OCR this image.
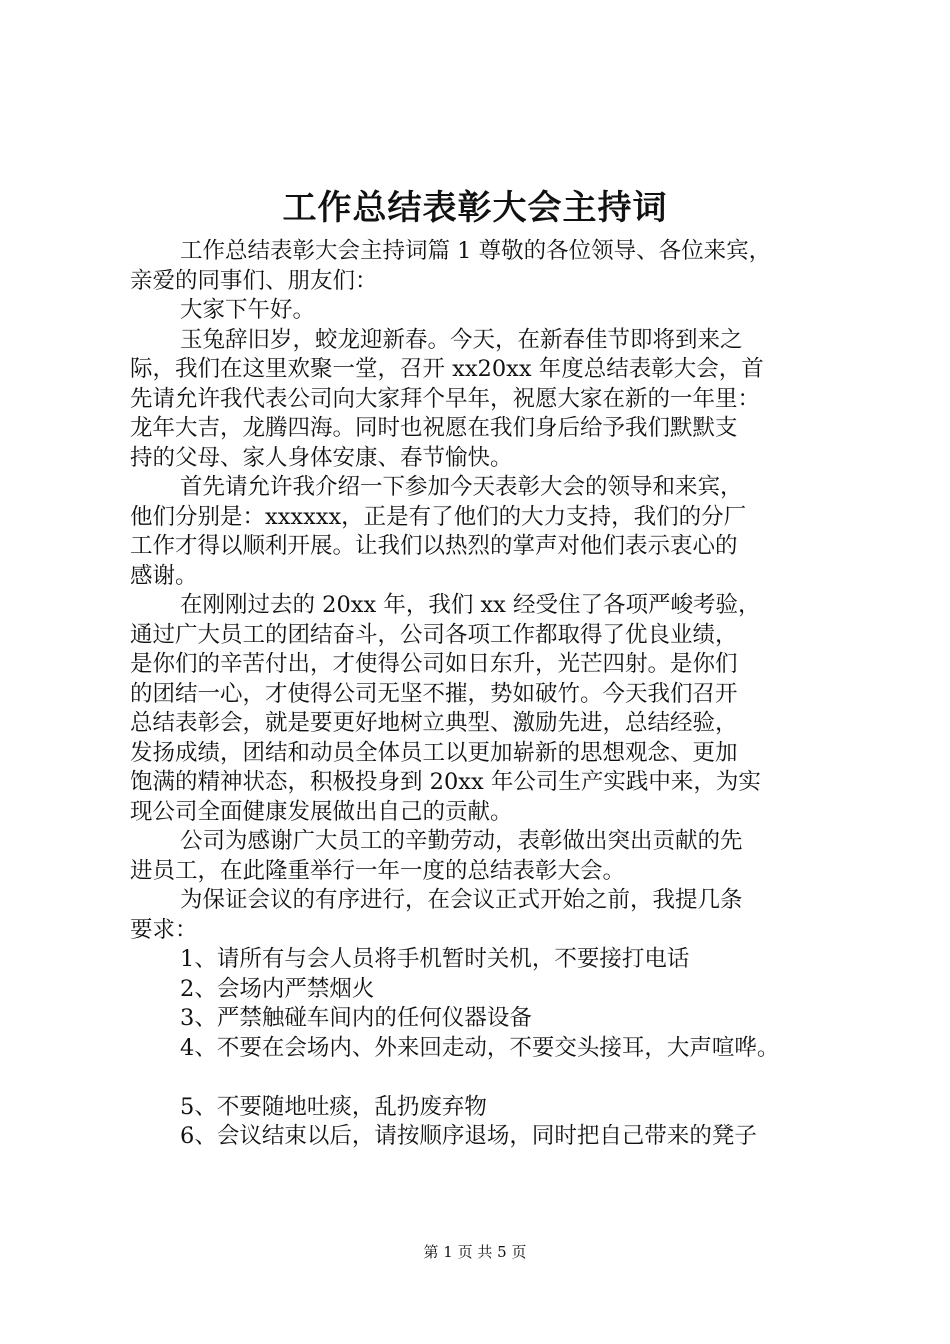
工作总结表彰大会主持词
工作总结表彰大会主持词篇 1 尊敬的各位领导、各位来宾，
亲爱的同事们、朋友们：
大家下午好。
玉兔辞旧岁，蛟龙迎新春。今天，在新春佳节即将到来之
际，我们在这里欢聚一堂，召开 xx20xx 年度总结表彰大会，首
先请允许我代表公司向大家拜个早年，祝愿大家在新的一年里：
龙年大吉，龙腾四海。同时也祝愿在我们身后给予我们默默支
持的父母、家人身体安康、春节愉快。
首先请允许我介绍一下参加今天表彰大会的领导和来宾，
他们分别是：xxxxxx，正是有了他们的大力支持，我们的分厂
工作才得以顺利开展。让我们以热烈的掌声对他们表示衷心的
感谢。
在刚刚过去的 20xx 年，我们 xx 经受住了各项严峻考验，
通过广大员工的团结奋斗，公司各项工作都取得了优良业绩，
是你们的辛苦付出，才使得公司如日东升，光芒四射。是你们
的团结一心，才使得公司无坚不摧，势如破竹。今天我们召开
总结表彰会，就是要更好地树立典型、激励先进，总结经验，
发扬成绩，团结和动员全体员工以更加崭新的思想观念、更加
饱满的精神状态，积极投身到 20xx 年公司生产实践中来，为实
现公司全面健康发展做出自己的贡献。
公司为感谢广大员工的辛勤劳动，表彰做出突出贡献的先
进员工，在此隆重举行一年一度的总结表彰大会。
为保证会议的有序进行，在会议正式开始之前，我提几条
要求：
1、请所有与会人员将手机暂时关机，不要接打电话
2、会场内严禁烟火
3、严禁触碰车间内的任何仪器设备
4、不要在会场内、外来回走动，不要交头接耳，大声喧哗。
5、不要随地吐痰，乱扔废弃物
6、会议结束以后，请按顺序退场，同时把自己带来的凳子
第 1 页 共 5 页
